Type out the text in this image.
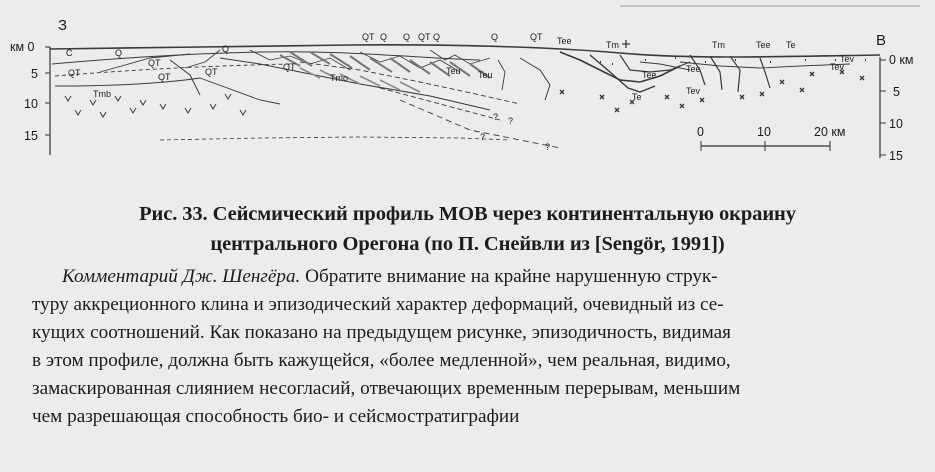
З
В
км 0
5
10
15
0 км
5
10
15
0	10	20 км
QT Q Q QT Q	Q	QT Tee	Tm	Tm	Tee Te
C	Q
QT
QT
Q
QT	QT	QT
Tmb
Tmo
Teu Teu	Tee
Tee
Te
Tev
Tev
Tev
? ?
?
?
Рис. 33. Сейсмический профиль МОВ через континентальную окраину
центрального Орегона (по П. Снейвли из [Sengör, 1991])
Комментарий Дж. Шенгёра. Обратите внимание на крайне нарушенную струк-
туру аккреционного клина и эпизодический характер деформаций, очевидный из се-
кущих соотношений. Как показано на предыдущем рисунке, эпизодичность, видимая
в этом профиле, должна быть кажущейся, «более медленной», чем реальная, видимо,
замаскированная слиянием несогласий, отвечающих временным перерывам, меньшим
чем разрешающая способность био- и сейсмостратиграфии
